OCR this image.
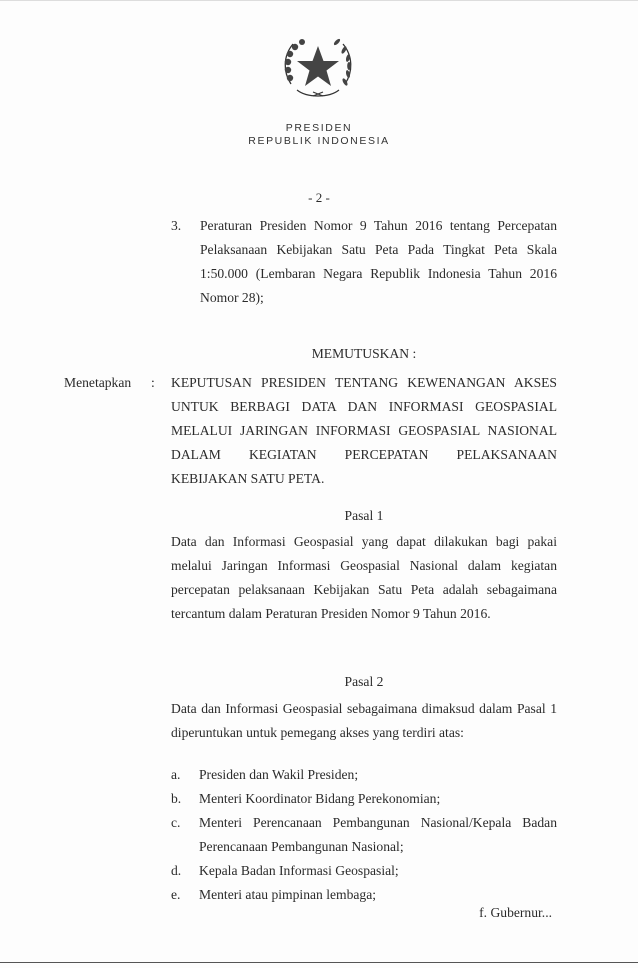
PRESIDEN
REPUBLIK INDONESIA
- 2 -
3. Peraturan Presiden Nomor 9 Tahun 2016 tentang Percepatan Pelaksanaan Kebijakan Satu Peta Pada Tingkat Peta Skala 1:50.000 (Lembaran Negara Republik Indonesia Tahun 2016 Nomor 28);
MEMUTUSKAN :
Menetapkan : KEPUTUSAN PRESIDEN TENTANG KEWENANGAN AKSES UNTUK BERBAGI DATA DAN INFORMASI GEOSPASIAL MELALUI JARINGAN INFORMASI GEOSPASIAL NASIONAL DALAM KEGIATAN PERCEPATAN PELAKSANAAN KEBIJAKAN SATU PETA.
Pasal 1
Data dan Informasi Geospasial yang dapat dilakukan bagi pakai melalui Jaringan Informasi Geospasial Nasional dalam kegiatan percepatan pelaksanaan Kebijakan Satu Peta adalah sebagaimana tercantum dalam Peraturan Presiden Nomor 9 Tahun 2016.
Pasal 2
Data dan Informasi Geospasial sebagaimana dimaksud dalam Pasal 1 diperuntukan untuk pemegang akses yang terdiri atas:
a. Presiden dan Wakil Presiden;
b. Menteri Koordinator Bidang Perekonomian;
c. Menteri Perencanaan Pembangunan Nasional/Kepala Badan Perencanaan Pembangunan Nasional;
d. Kepala Badan Informasi Geospasial;
e. Menteri atau pimpinan lembaga;
f. Gubernur...
